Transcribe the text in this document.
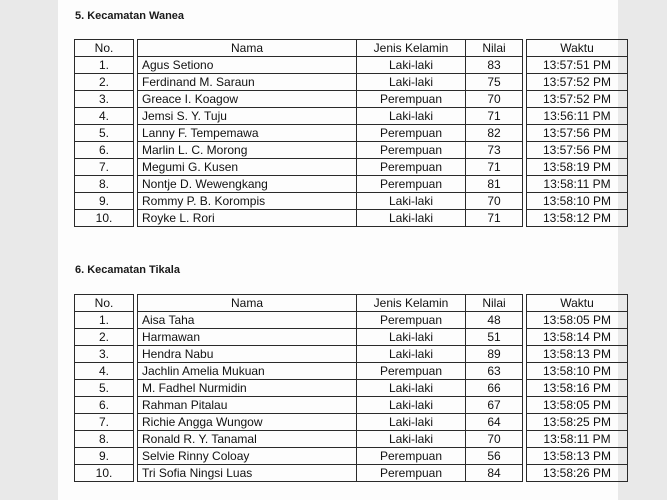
5. Kecamatan Wanea
No.		Nama	Jenis Kelamin	Nilai		Waktu
1.		Agus Setiono	Laki-laki	83		13:57:51 PM
2.		Ferdinand M. Saraun	Laki-laki	75		13:57:52 PM
3.		Greace I. Koagow	Perempuan	70		13:57:52 PM
4.		Jemsi S. Y. Tuju	Laki-laki	71		13:56:11 PM
5.		Lanny F. Tempemawa	Perempuan	82		13:57:56 PM
6.		Marlin L. C. Morong	Perempuan	73		13:57:56 PM
7.		Megumi G. Kusen	Perempuan	71		13:58:19 PM
8.		Nontje D. Wewengkang	Perempuan	81		13:58:11 PM
9.		Rommy P. B. Korompis	Laki-laki	70		13:58:10 PM
10.		Royke L. Rori	Laki-laki	71		13:58:12 PM
6. Kecamatan Tikala
No.		Nama	Jenis Kelamin	Nilai		Waktu
1.		Aisa Taha	Perempuan	48		13:58:05 PM
2.		Harmawan	Laki-laki	51		13:58:14 PM
3.		Hendra Nabu	Laki-laki	89		13:58:13 PM
4.		Jachlin Amelia Mukuan	Perempuan	63		13:58:10 PM
5.		M. Fadhel Nurmidin	Laki-laki	66		13:58:16 PM
6.		Rahman Pitalau	Laki-laki	67		13:58:05 PM
7.		Richie Angga Wungow	Laki-laki	64		13:58:25 PM
8.		Ronald R. Y. Tanamal	Laki-laki	70		13:58:11 PM
9.		Selvie Rinny Coloay	Perempuan	56		13:58:13 PM
10.		Tri Sofia Ningsi Luas	Perempuan	84		13:58:26 PM
